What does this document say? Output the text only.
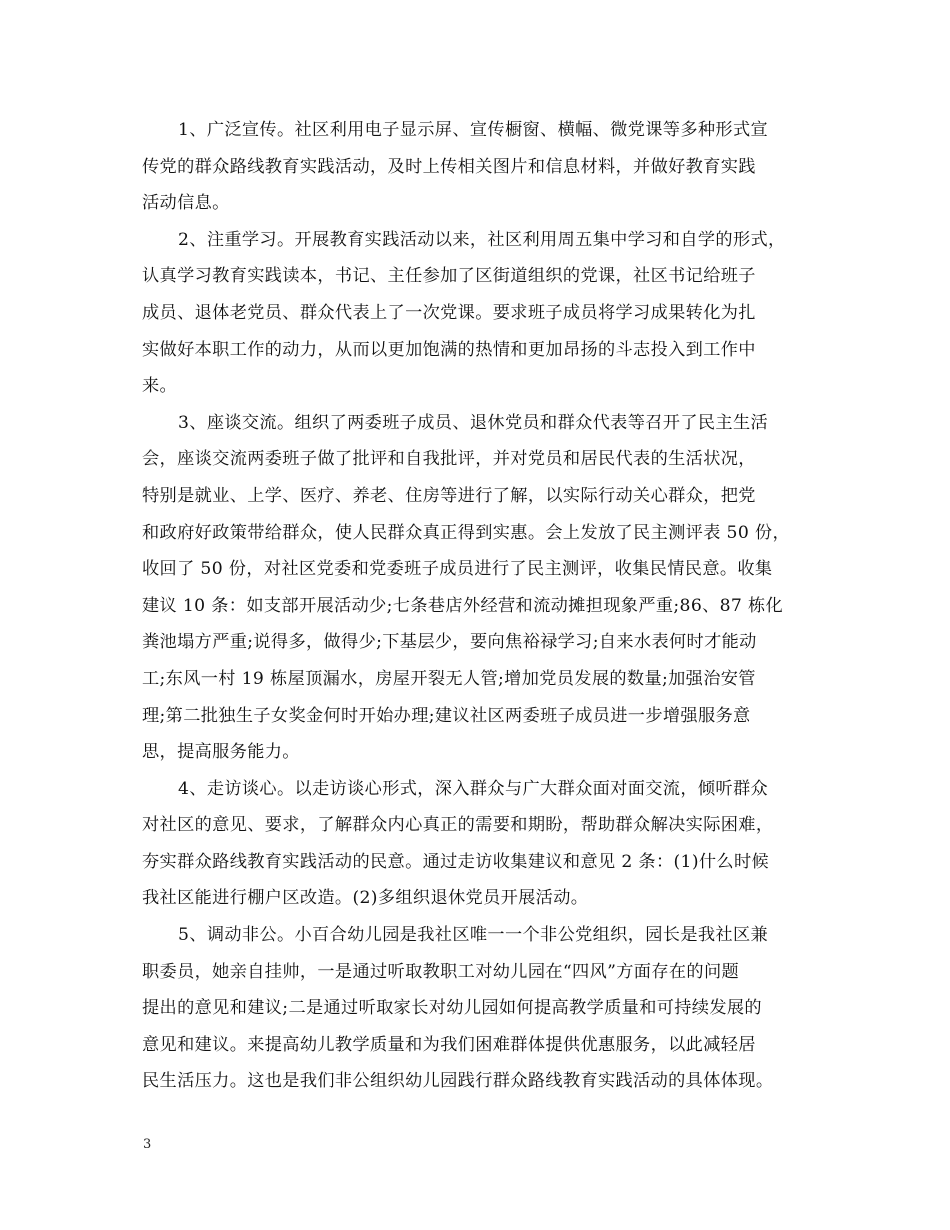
1、广泛宣传。社区利用电子显示屏、宣传橱窗、横幅、微党课等多种形式宣
传党的群众路线教育实践活动，及时上传相关图片和信息材料，并做好教育实践
活动信息。
2、注重学习。开展教育实践活动以来，社区利用周五集中学习和自学的形式，
认真学习教育实践读本，书记、主任参加了区街道组织的党课，社区书记给班子
成员、退体老党员、群众代表上了一次党课。要求班子成员将学习成果转化为扎
实做好本职工作的动力，从而以更加饱满的热情和更加昂扬的斗志投入到工作中
来。
3、座谈交流。组织了两委班子成员、退休党员和群众代表等召开了民主生活
会，座谈交流两委班子做了批评和自我批评，并对党员和居民代表的生活状况，
特别是就业、上学、医疗、养老、住房等进行了解，以实际行动关心群众，把党
和政府好政策带给群众，使人民群众真正得到实惠。会上发放了民主测评表 50 份，
收回了 50 份，对社区党委和党委班子成员进行了民主测评，收集民情民意。收集
建议 10 条：如支部开展活动少;七条巷店外经营和流动摊担现象严重;86、87 栋化
粪池塌方严重;说得多，做得少;下基层少，要向焦裕禄学习;自来水表何时才能动
工;东风一村 19 栋屋顶漏水，房屋开裂无人管;增加党员发展的数量;加强治安管
理;第二批独生子女奖金何时开始办理;建议社区两委班子成员进一步增强服务意
思，提高服务能力。
4、走访谈心。以走访谈心形式，深入群众与广大群众面对面交流，倾听群众
对社区的意见、要求，了解群众内心真正的需要和期盼，帮助群众解决实际困难，
夯实群众路线教育实践活动的民意。通过走访收集建议和意见 2 条：(1)什么时候
我社区能进行棚户区改造。(2)多组织退休党员开展活动。
5、调动非公。小百合幼儿园是我社区唯一一个非公党组织，园长是我社区兼
职委员，她亲自挂帅，一是通过听取教职工对幼儿园在“四风”方面存在的问题
提出的意见和建议;二是通过听取家长对幼儿园如何提高教学质量和可持续发展的
意见和建议。来提高幼儿教学质量和为我们困难群体提供优惠服务，以此减轻居
民生活压力。这也是我们非公组织幼儿园践行群众路线教育实践活动的具体体现。
3
